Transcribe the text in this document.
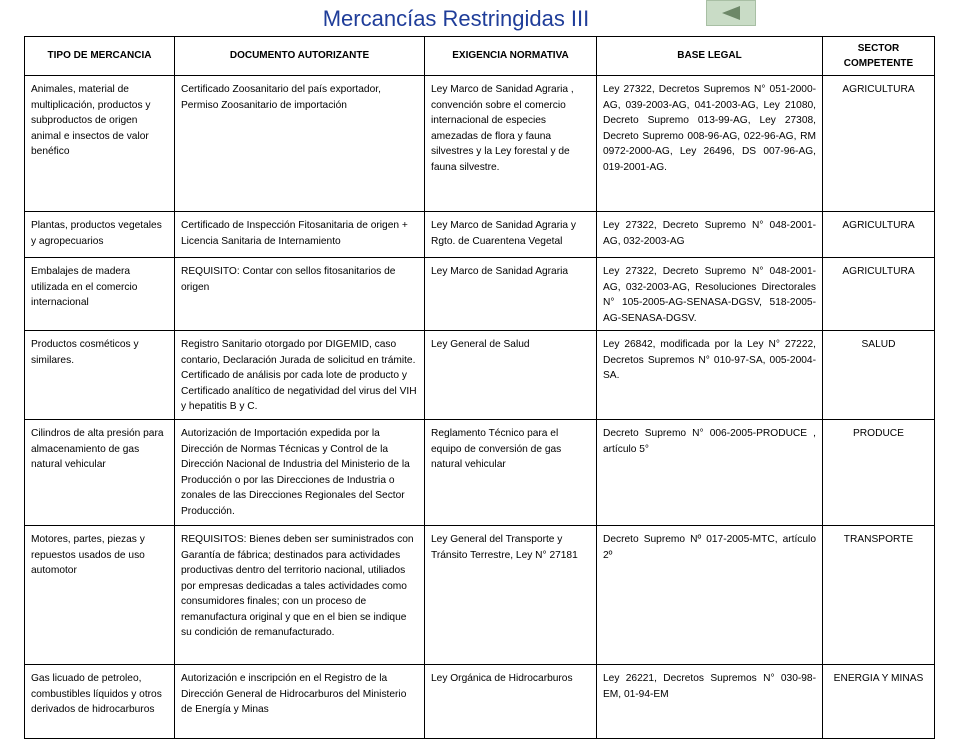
Mercancías Restringidas III
TIPO DE MERCANCIA	DOCUMENTO AUTORIZANTE	EXIGENCIA NORMATIVA	BASE LEGAL	SECTOR COMPETENTE
Animales, material de multiplicación, productos y subproductos de origen animal e insectos de valor benéfico	Certificado Zoosanitario del país exportador, Permiso Zoosanitario de importación	Ley Marco de Sanidad Agraria , convención sobre el comercio internacional de especies amezadas de flora y fauna silvestres y la Ley forestal y de fauna silvestre.	Ley 27322, Decretos Supremos N° 051-2000-AG, 039-2003-AG, 041-2003-AG, Ley 21080, Decreto Supremo 013-99-AG, Ley 27308, Decreto Supremo 008-96-AG, 022-96-AG, RM 0972-2000-AG, Ley 26496, DS 007-96-AG, 019-2001-AG.	AGRICULTURA
Plantas, productos vegetales y agropecuarios	Certificado de Inspección Fitosanitaria de origen + Licencia Sanitaria de Internamiento	Ley Marco de Sanidad Agraria y Rgto. de Cuarentena Vegetal	Ley 27322, Decreto Supremo N° 048-2001-AG, 032-2003-AG	AGRICULTURA
Embalajes de madera utilizada en el comercio internacional	REQUISITO: Contar con sellos fitosanitarios de origen	Ley Marco de Sanidad Agraria	Ley 27322, Decreto Supremo N° 048-2001-AG, 032-2003-AG, Resoluciones Directorales N° 105-2005-AG-SENASA-DGSV, 518-2005-AG-SENASA-DGSV.	AGRICULTURA
Productos cosméticos y similares.	Registro Sanitario otorgado por DIGEMID, caso contario, Declaración Jurada de solicitud en trámite. Certificado de análisis por cada lote de producto y Certificado analítico de negatividad del virus del VIH y hepatitis B y C.	Ley General de Salud	Ley 26842, modificada por la Ley N° 27222, Decretos Supremos N° 010-97-SA, 005-2004-SA.	SALUD
Cilindros de alta presión para almacenamiento de gas natural vehicular	Autorización de Importación expedida por la Dirección de Normas Técnicas y Control de la Dirección Nacional de Industria del Ministerio de la Producción o por las Direcciones de Industria o zonales de las Direcciones Regionales del Sector Producción.	Reglamento Técnico para el equipo de conversión de gas natural vehicular	Decreto Supremo N° 006-2005-PRODUCE , artículo 5°	PRODUCE
Motores, partes, piezas y repuestos usados de uso automotor	REQUISITOS: Bienes deben ser suministrados con Garantía de fábrica; destinados para actividades productivas dentro del territorio nacional, utiliados por empresas dedicadas a tales actividades como consumidores finales; con un proceso de remanufactura original y que en el bien se indique su condición de remanufacturado.	Ley General del Transporte y Tránsito Terrestre, Ley N° 27181	Decreto Supremo Nº 017-2005-MTC, artículo 2º	TRANSPORTE
Gas licuado de petroleo, combustibles líquidos y otros derivados de hidrocarburos	Autorización e inscripción en el Registro de la Dirección General de Hidrocarburos del Ministerio de Energía y Minas	Ley Orgánica de Hidrocarburos	Ley 26221, Decretos Supremos N° 030-98-EM, 01-94-EM	ENERGIA Y MINAS
